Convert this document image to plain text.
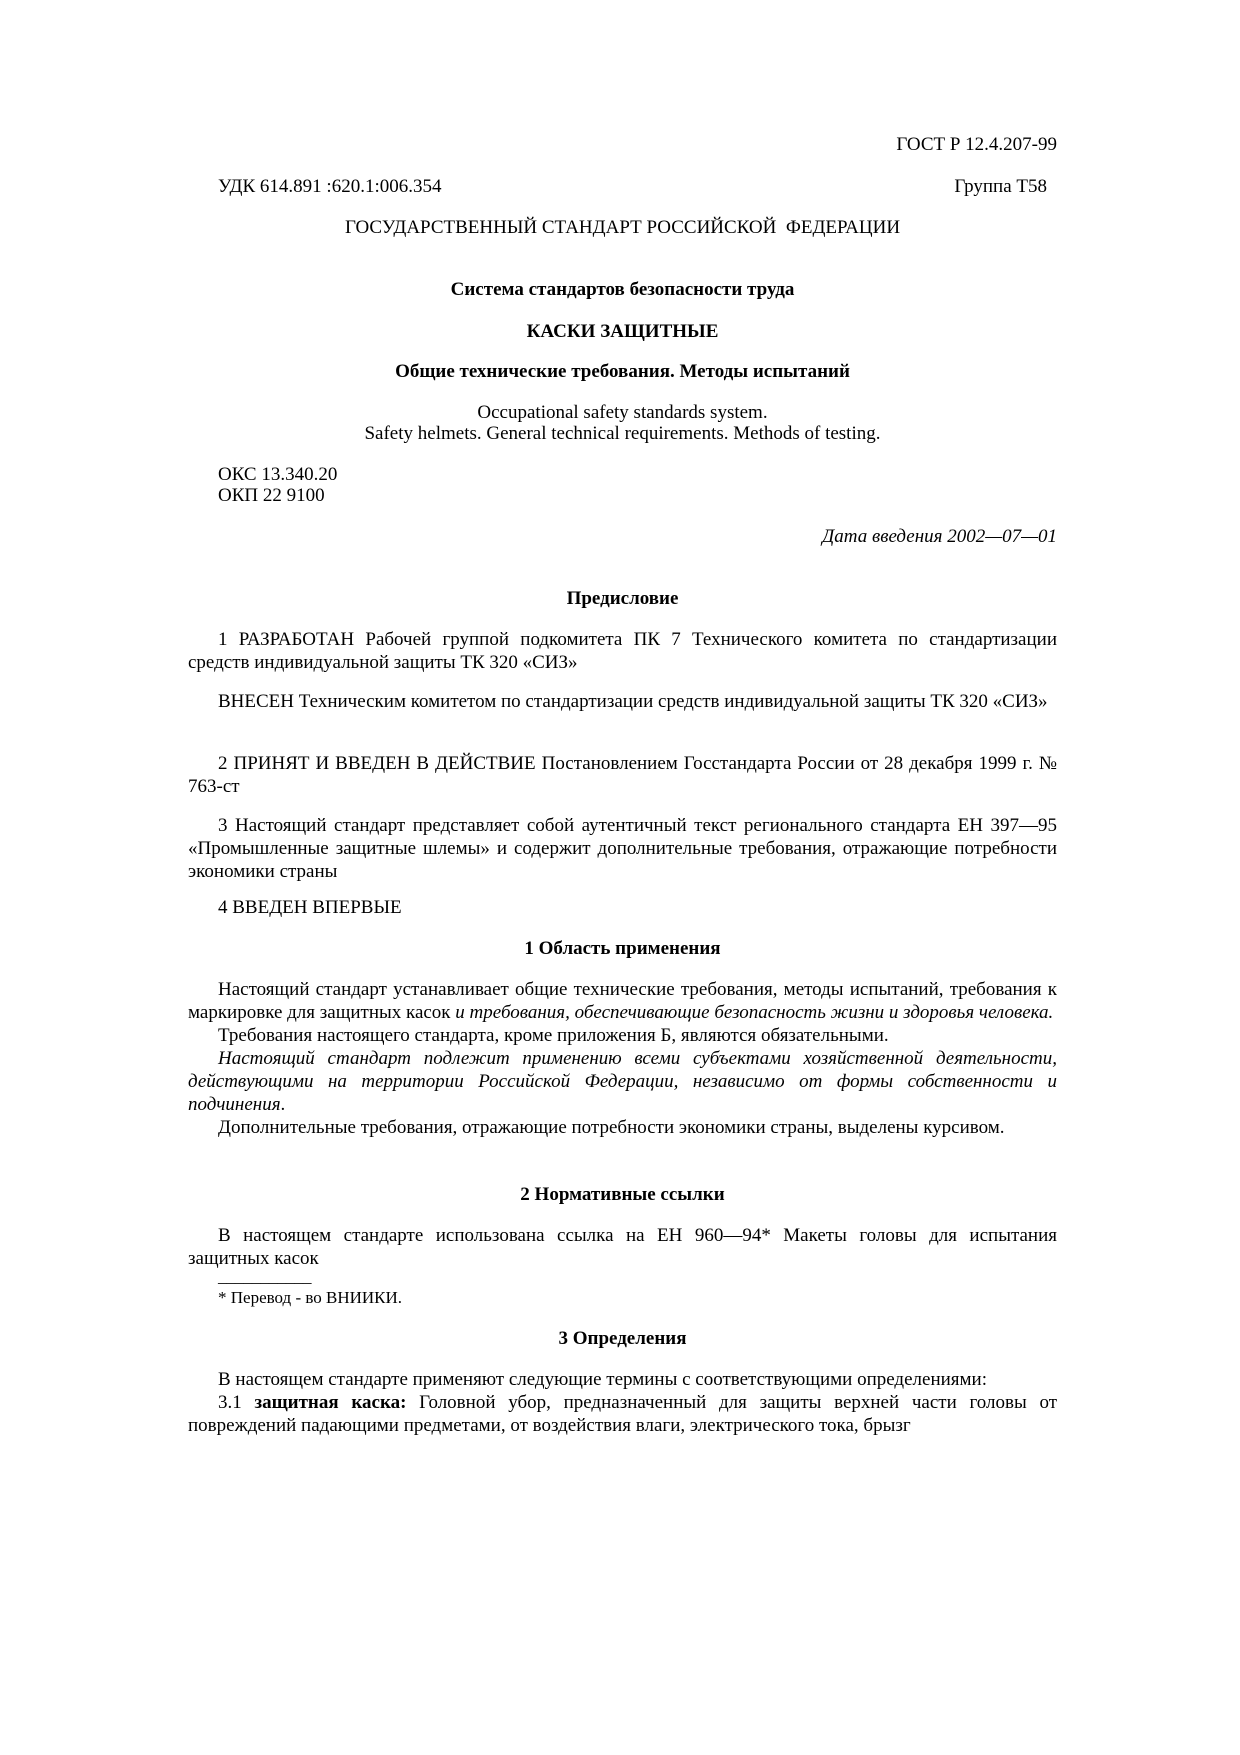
ГОСТ Р 12.4.207-99
УДК 614.891 :620.1:006.354	Группа Т58
ГОСУДАРСТВЕННЫЙ СТАНДАРТ РОССИЙСКОЙ  ФЕДЕРАЦИИ
Система стандартов безопасности труда
КАСКИ ЗАЩИТНЫЕ
Общие технические требования. Методы испытаний
Occupational safety standards system.
Safety helmets. General technical requirements. Methods of testing.
ОКС 13.340.20
ОКП 22 9100
Дата введения 2002—07—01
Предисловие

1 РАЗРАБОТАН Рабочей группой подкомитета ПК 7 Технического комитета по стандартизации средств индивидуальной защиты ТК 320 «СИЗ»

ВНЕСЕН Техническим комитетом по стандартизации средств индивидуальной защиты ТК 320 «СИЗ»

2 ПРИНЯТ И ВВЕДЕН В ДЕЙСТВИЕ Постановлением Госстандарта России от 28 декабря 1999 г. № 763-ст

3 Настоящий стандарт представляет собой аутентичный текст регионального стандарта ЕН 397—95 «Промышленные защитные шлемы» и содержит дополнительные требования, отражающие потребности экономики страны

4 ВВЕДЕН ВПЕРВЫЕ

1 Область применения

Настоящий стандарт устанавливает общие технические требования, методы испытаний, требования к маркировке для защитных касок и требования, обеспечивающие безопасность жизни и здоровья человека.

Требования настоящего стандарта, кроме приложения Б, являются обязательными.

Настоящий стандарт подлежит применению всеми субъектами хозяйственной деятельности, действующими на территории Российской Федерации, независимо от формы собственности и подчинения.

Дополнительные требования, отражающие потребности экономики страны, выделены курсивом.

2 Нормативные ссылки

В настоящем стандарте использована ссылка на ЕН 960—94* Макеты головы для испытания защитных касок

___________
* Перевод - во ВНИИКИ.
3 Определения

В настоящем стандарте применяют следующие термины с соответствующими определениями:

3.1 защитная каска: Головной убор, предназначенный для защиты верхней части головы от повреждений падающими предметами, от воздействия влаги, электрического тока, брызг
